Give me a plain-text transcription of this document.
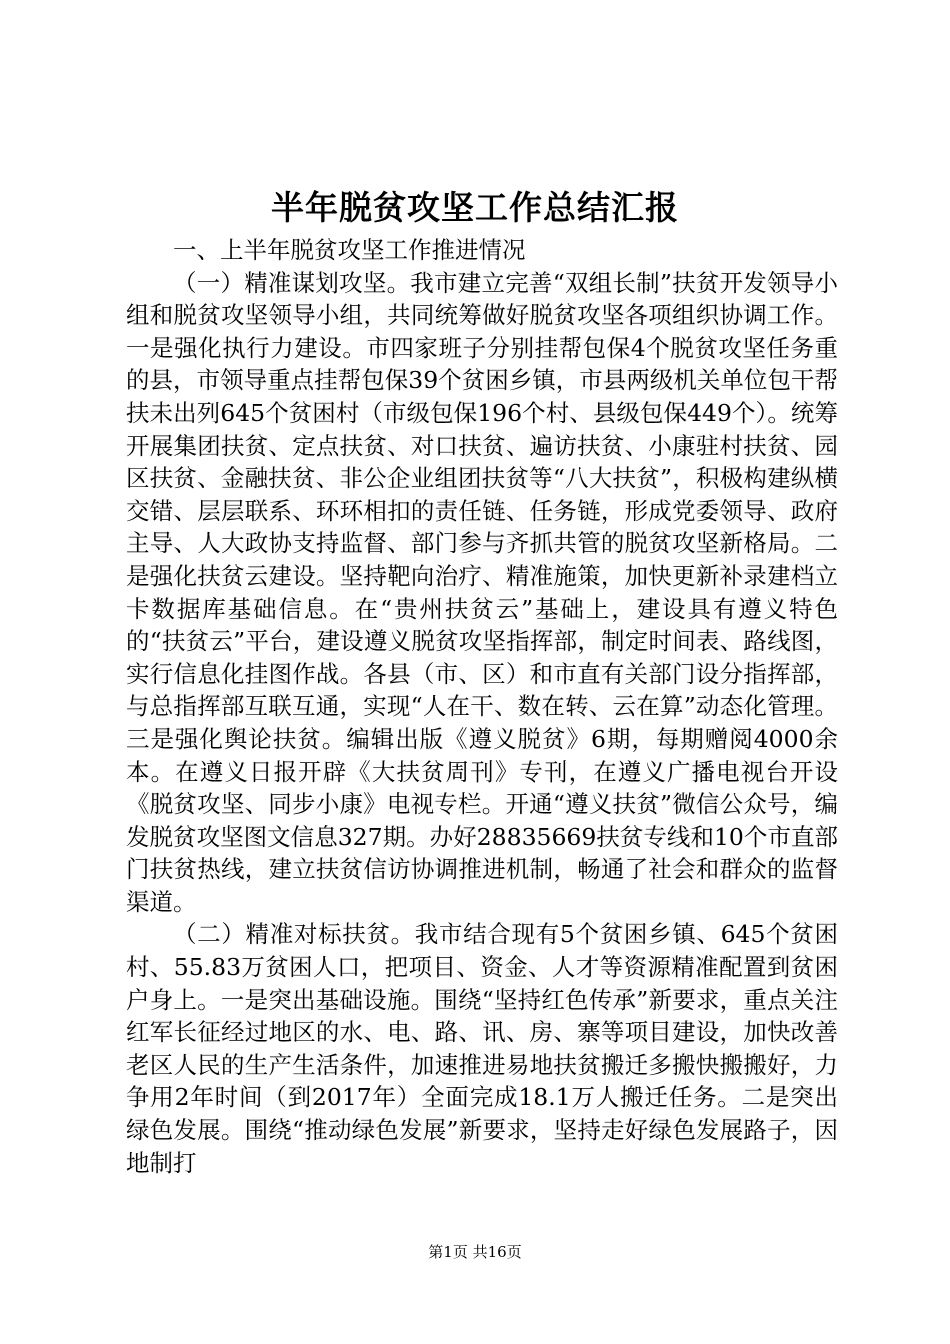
半年脱贫攻坚工作总结汇报

一、上半年脱贫攻坚工作推进情况

（一）精准谋划攻坚。我市建立完善“双组长制”扶贫开发领导小组和脱贫攻坚领导小组，共同统筹做好脱贫攻坚各项组织协调工作。一是强化执行力建设。市四家班子分别挂帮包保4个脱贫攻坚任务重的县，市领导重点挂帮包保39个贫困乡镇，市县两级机关单位包干帮扶未出列645个贫困村（市级包保196个村、县级包保449个）。统筹开展集团扶贫、定点扶贫、对口扶贫、遍访扶贫、小康驻村扶贫、园区扶贫、金融扶贫、非公企业组团扶贫等“八大扶贫”，积极构建纵横交错、层层联系、环环相扣的责任链、任务链，形成党委领导、政府主导、人大政协支持监督、部门参与齐抓共管的脱贫攻坚新格局。二是强化扶贫云建设。坚持靶向治疗、精准施策，加快更新补录建档立卡数据库基础信息。在“贵州扶贫云”基础上，建设具有遵义特色的“扶贫云”平台，建设遵义脱贫攻坚指挥部，制定时间表、路线图，实行信息化挂图作战。各县（市、区）和市直有关部门设分指挥部，与总指挥部互联互通，实现“人在干、数在转、云在算”动态化管理。三是强化舆论扶贫。编辑出版《遵义脱贫》6期，每期赠阅4000余本。在遵义日报开辟《大扶贫周刊》专刊，在遵义广播电视台开设《脱贫攻坚、同步小康》电视专栏。开通“遵义扶贫”微信公众号，编发脱贫攻坚图文信息327期。办好28835669扶贫专线和10个市直部门扶贫热线，建立扶贫信访协调推进机制，畅通了社会和群众的监督渠道。

（二）精准对标扶贫。我市结合现有5个贫困乡镇、645个贫困村、55.83万贫困人口，把项目、资金、人才等资源精准配置到贫困户身上。一是突出基础设施。围绕“坚持红色传承”新要求，重点关注红军长征经过地区的水、电、路、讯、房、寨等项目建设，加快改善老区人民的生产生活条件，加速推进易地扶贫搬迁多搬快搬搬好，力争用2年时间（到2017年）全面完成18.1万人搬迁任务。二是突出绿色发展。围绕“推动绿色发展”新要求，坚持走好绿色发展路子，因地制打

第1页 共16页
